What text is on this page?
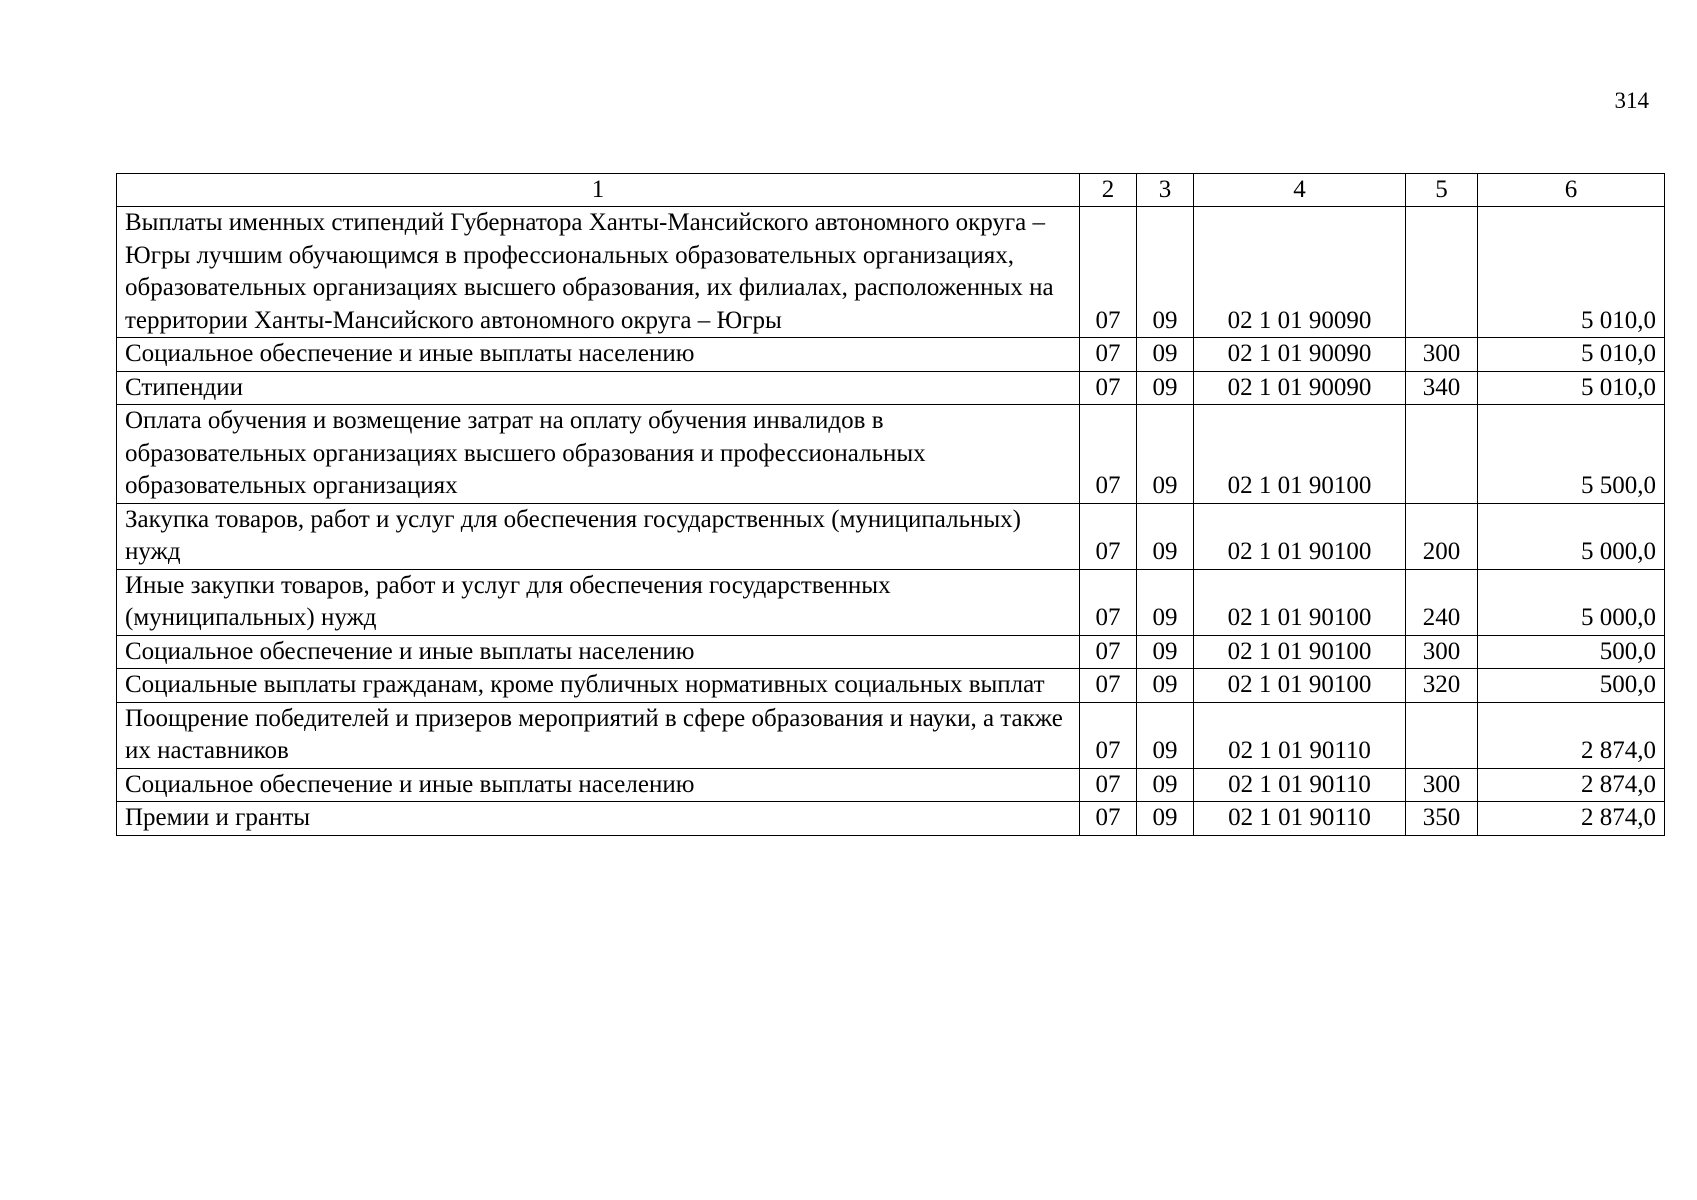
314
1	2	3	4	5	6
Выплаты именных стипендий Губернатора Ханты-Мансийского автономного округа – Югры лучшим обучающимся в профессиональных образовательных организациях, образовательных организациях высшего образования, их филиалах, расположенных на территории Ханты-Мансийского автономного округа – Югры	07	09	02 1 01 90090		5 010,0
Социальное обеспечение и иные выплаты населению	07	09	02 1 01 90090	300	5 010,0
Стипендии	07	09	02 1 01 90090	340	5 010,0
Оплата обучения и возмещение затрат на оплату обучения инвалидов в образовательных организациях высшего образования и профессиональных образовательных организациях	07	09	02 1 01 90100		5 500,0
Закупка товаров, работ и услуг для обеспечения государственных (муниципальных) нужд	07	09	02 1 01 90100	200	5 000,0
Иные закупки товаров, работ и услуг для обеспечения государственных (муниципальных) нужд	07	09	02 1 01 90100	240	5 000,0
Социальное обеспечение и иные выплаты населению	07	09	02 1 01 90100	300	500,0
Социальные выплаты гражданам, кроме публичных нормативных социальных выплат	07	09	02 1 01 90100	320	500,0
Поощрение победителей и призеров мероприятий в сфере образования и науки, а также их наставников	07	09	02 1 01 90110		2 874,0
Социальное обеспечение и иные выплаты населению	07	09	02 1 01 90110	300	2 874,0
Премии и гранты	07	09	02 1 01 90110	350	2 874,0
